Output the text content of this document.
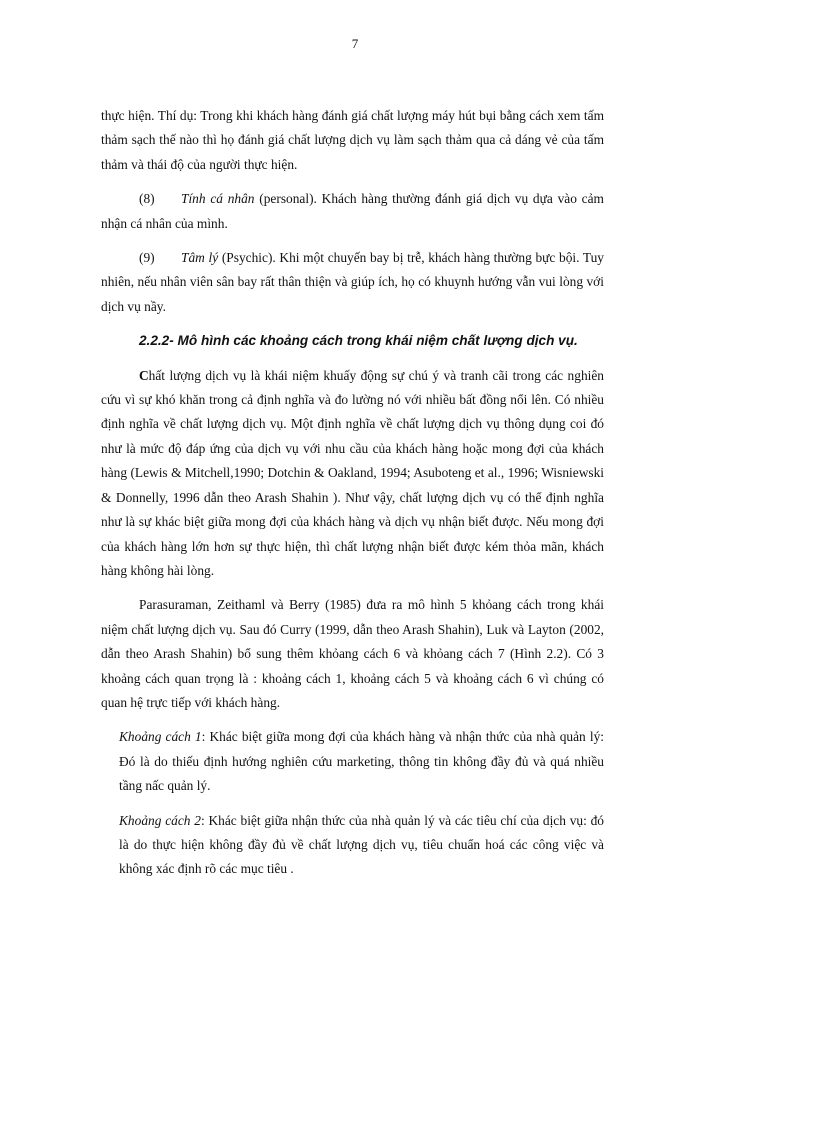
7

thực hiện. Thí dụ: Trong khi khách hàng đánh giá chất lượng máy hút bụi bằng cách xem tấm thảm sạch thế nào thì họ đánh giá chất lượng dịch vụ làm sạch thảm qua cả dáng vẻ của tấm thảm và thái độ của người thực hiện.

(8) Tính cá nhân (personal). Khách hàng thường đánh giá dịch vụ dựa vào cảm nhận cá nhân của mình.

(9) Tâm lý (Psychic). Khi một chuyến bay bị trễ, khách hàng thường bực bội. Tuy nhiên, nếu nhân viên sân bay rất thân thiện và giúp ích, họ có khuynh hướng vẫn vui lòng với dịch vụ nầy.

2.2.2- Mô hình các khoảng cách trong khái niệm chất lượng dịch vụ.

Chất lượng dịch vụ là khái niệm khuấy động sự chú ý và tranh cãi trong các nghiên cứu vì sự khó khăn trong cả định nghĩa và đo lường nó với nhiều bất đồng nổi lên. Có nhiều định nghĩa về chất lượng dịch vụ. Một định nghĩa về chất lượng dịch vụ thông dụng coi đó như là mức độ đáp ứng của dịch vụ với nhu cầu của khách hàng hoặc mong đợi của khách hàng (Lewis & Mitchell,1990; Dotchin & Oakland, 1994; Asuboteng et al., 1996; Wisniewski & Donnelly, 1996 dẫn theo Arash Shahin ). Như vậy, chất lượng dịch vụ có thể định nghĩa như là sự khác biệt giữa mong đợi của khách hàng và dịch vụ nhận biết được. Nếu mong đợi của khách hàng lớn hơn sự thực hiện, thì chất lượng nhận biết được kém thỏa mãn, khách hàng không hài lòng.

Parasuraman, Zeithaml và Berry (1985) đưa ra mô hình 5 khỏang cách trong khái niệm chất lượng dịch vụ. Sau đó Curry (1999, dẫn theo Arash Shahin), Luk và Layton (2002, dẫn theo Arash Shahin) bổ sung thêm khỏang cách 6 và khỏang cách 7 (Hình 2.2). Có 3 khoảng cách quan trọng là : khoảng cách 1, khoảng cách 5 và khoảng cách 6 vì chúng có quan hệ trực tiếp với khách hàng.

Khoảng cách 1: Khác biệt giữa mong đợi của khách hàng và nhận thức của nhà quản lý: Đó là do thiếu định hướng nghiên cứu marketing, thông tin không đầy đủ và quá nhiều tầng nấc quản lý.

Khoảng cách 2: Khác biệt giữa nhận thức của nhà quản lý và các tiêu chí của dịch vụ: đó là do thực hiện không đầy đủ về chất lượng dịch vụ, tiêu chuẩn hoá các công việc và không xác định rõ các mục tiêu .
